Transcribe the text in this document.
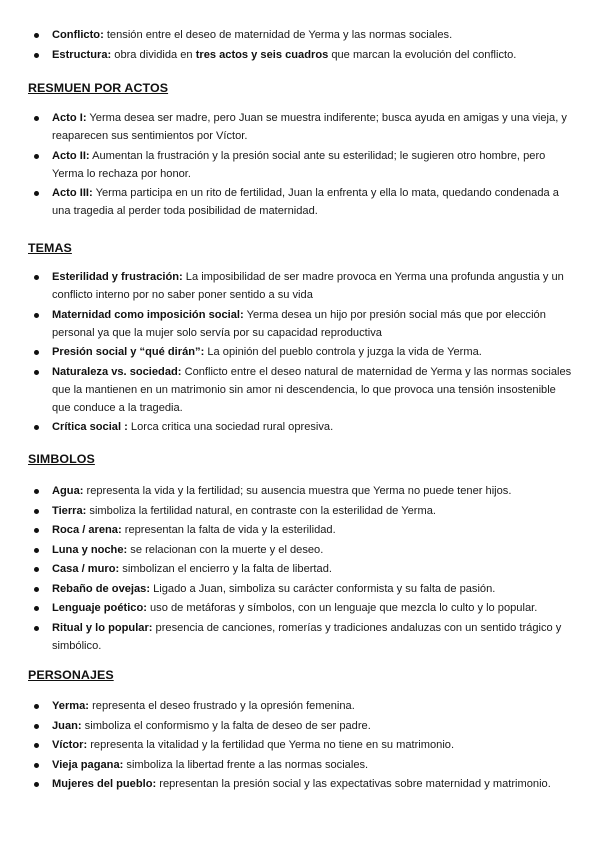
Conflicto: tensión entre el deseo de maternidad de Yerma y las normas sociales.
Estructura: obra dividida en tres actos y seis cuadros que marcan la evolución del conflicto.
RESMUEN POR ACTOS
Acto I: Yerma desea ser madre, pero Juan se muestra indiferente; busca ayuda en amigas y una vieja, y reaparecen sus sentimientos por Víctor.
Acto II: Aumentan la frustración y la presión social ante su esterilidad; le sugieren otro hombre, pero Yerma lo rechaza por honor.
Acto III: Yerma participa en un rito de fertilidad, Juan la enfrenta y ella lo mata, quedando condenada a una tragedia al perder toda posibilidad de maternidad.
TEMAS
Esterilidad y frustración: La imposibilidad de ser madre provoca en Yerma una profunda angustia y un conflicto interno por no saber poner sentido a su vida
Maternidad como imposición social: Yerma desea un hijo por presión social más que por elección personal ya que la mujer solo servía por su capacidad reproductiva
Presión social y “qué dirán”: La opinión del pueblo controla y juzga la vida de Yerma.
Naturaleza vs. sociedad: Conflicto entre el deseo natural de maternidad de Yerma y las normas sociales que la mantienen en un matrimonio sin amor ni descendencia, lo que provoca una tensión insostenible que conduce a la tragedia.
Crítica social : Lorca critica una sociedad rural opresiva.
SIMBOLOS
Agua: representa la vida y la fertilidad; su ausencia muestra que Yerma no puede tener hijos.
Tierra: simboliza la fertilidad natural, en contraste con la esterilidad de Yerma.
Roca / arena: representan la falta de vida y la esterilidad.
Luna y noche: se relacionan con la muerte y el deseo.
Casa / muro: simbolizan el encierro y la falta de libertad.
Rebaño de ovejas: Ligado a Juan, simboliza su carácter conformista y su falta de pasión.
Lenguaje poético: uso de metáforas y símbolos, con un lenguaje que mezcla lo culto y lo popular.
Ritual y lo popular: presencia de canciones, romerías y tradiciones andaluzas con un sentido trágico y simbólico.
PERSONAJES
Yerma: representa el deseo frustrado y la opresión femenina.
Juan: simboliza el conformismo y la falta de deseo de ser padre.
Víctor: representa la vitalidad y la fertilidad que Yerma no tiene en su matrimonio.
Vieja pagana: simboliza la libertad frente a las normas sociales.
Mujeres del pueblo: representan la presión social y las expectativas sobre maternidad y matrimonio.
